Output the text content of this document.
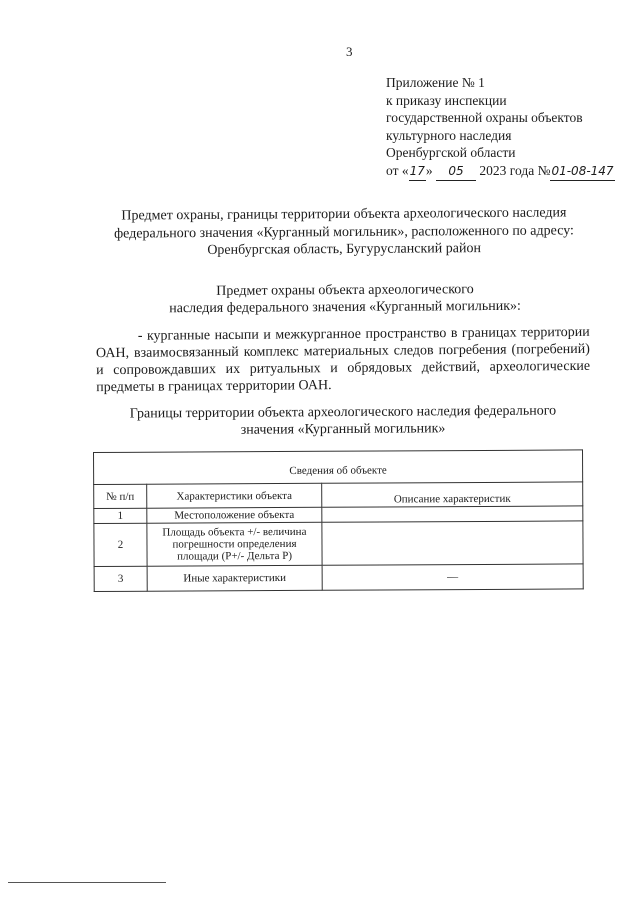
3
Приложение № 1
к приказу инспекции
государственной охраны объектов
культурного наследия
Оренбургской области
от «17» 05 2023 года №01-08-147
Предмет охраны, границы территории объекта археологического наследия федерального значения «Курганный могильник», расположенного по адресу: Оренбургская область, Бугурусланский район
Предмет охраны объекта археологического
наследия федерального значения «Курганный могильник»:
- курганные насыпи и межкурганное пространство в границах территории ОАН, взаимосвязанный комплекс материальных следов погребения (погребений) и сопровождавших их ритуальных и обрядовых действий, археологические предметы в границах территории ОАН.
Границы территории объекта археологического наследия федерального
значения «Курганный могильник»
Сведения об объекте		
№ п/п	Характеристики объекта	Описание характеристик
1	Местоположение объекта	
2	Площадь объекта +/- величина погрешности определения площади (Р+/- Дельта Р)	
3	Иные характеристики	—
